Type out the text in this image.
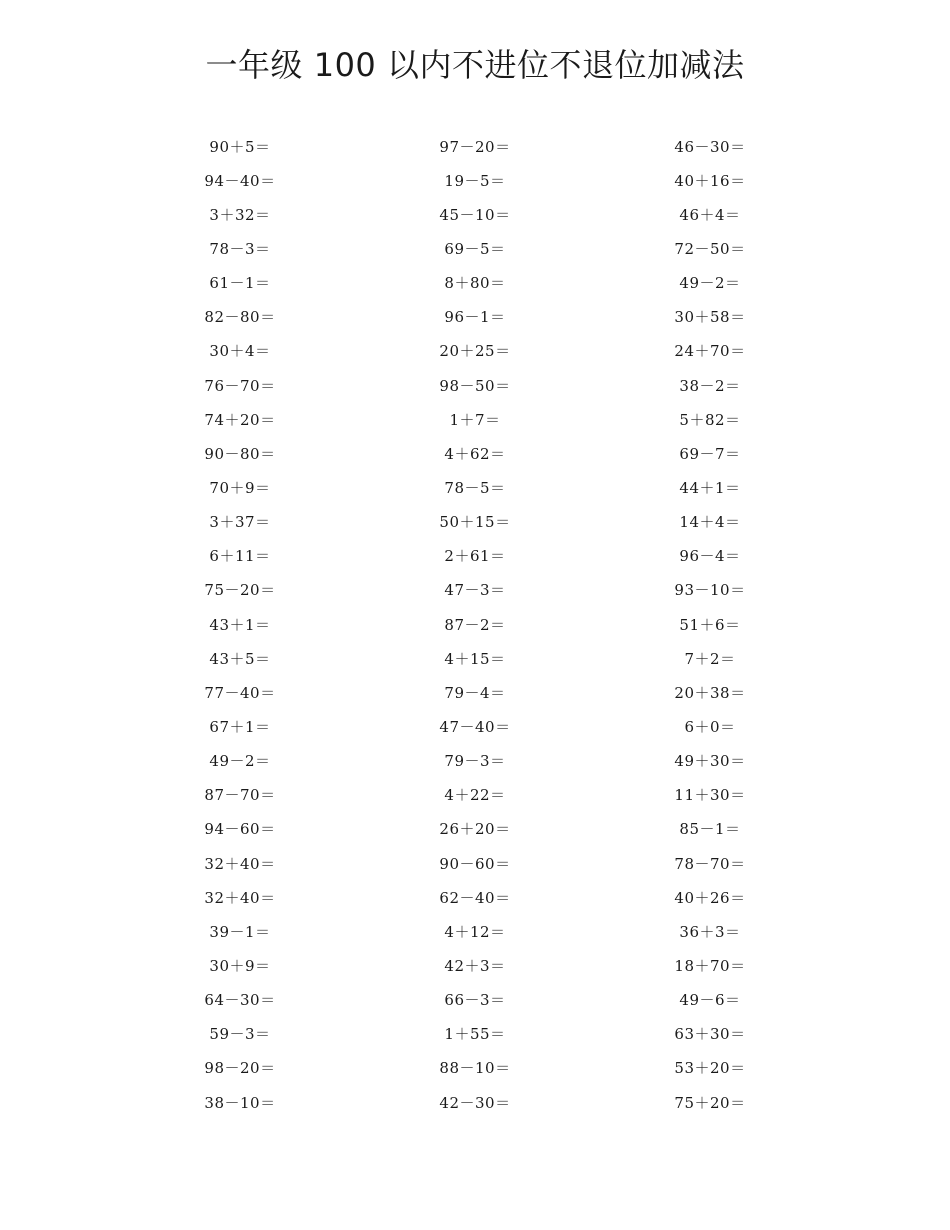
一年级 100 以内不进位不退位加减法
90＋5＝	97－20＝	46－30＝
94－40＝	19－5＝	40＋16＝
3＋32＝	45－10＝	46＋4＝
78－3＝	69－5＝	72－50＝
61－1＝	8＋80＝	49－2＝
82－80＝	96－1＝	30＋58＝
30＋4＝	20＋25＝	24＋70＝
76－70＝	98－50＝	38－2＝
74＋20＝	1＋7＝	5＋82＝
90－80＝	4＋62＝	69－7＝
70＋9＝	78－5＝	44＋1＝
3＋37＝	50＋15＝	14＋4＝
6＋11＝	2＋61＝	96－4＝
75－20＝	47－3＝	93－10＝
43＋1＝	87－2＝	51＋6＝
43＋5＝	4＋15＝	7＋2＝
77－40＝	79－4＝	20＋38＝
67＋1＝	47－40＝	6＋0＝
49－2＝	79－3＝	49＋30＝
87－70＝	4＋22＝	11＋30＝
94－60＝	26＋20＝	85－1＝
32＋40＝	90－60＝	78－70＝
32＋40＝	62－40＝	40＋26＝
39－1＝	4＋12＝	36＋3＝
30＋9＝	42＋3＝	18＋70＝
64－30＝	66－3＝	49－6＝
59－3＝	1＋55＝	63＋30＝
98－20＝	88－10＝	53＋20＝
38－10＝	42－30＝	75＋20＝
